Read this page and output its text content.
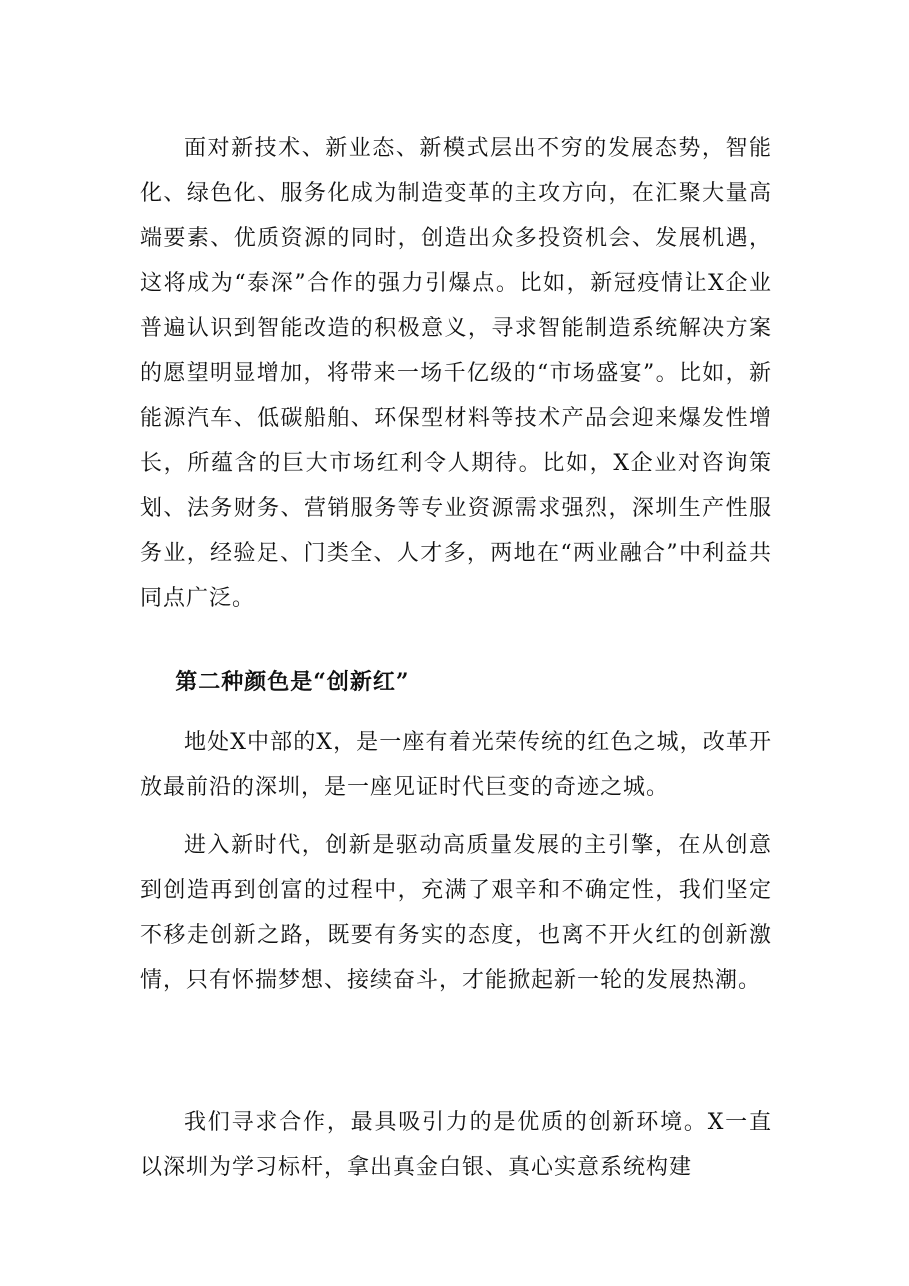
面对新技术、新业态、新模式层出不穷的发展态势，智能化、绿色化、服务化成为制造变革的主攻方向，在汇聚大量高端要素、优质资源的同时，创造出众多投资机会、发展机遇，这将成为“泰深”合作的强力引爆点。比如，新冠疫情让X企业普遍认识到智能改造的积极意义，寻求智能制造系统解决方案的愿望明显增加，将带来一场千亿级的“市场盛宴”。比如，新能源汽车、低碳船舶、环保型材料等技术产品会迎来爆发性增长，所蕴含的巨大市场红利令人期待。比如，X企业对咨询策划、法务财务、营销服务等专业资源需求强烈，深圳生产性服务业，经验足、门类全、人才多，两地在“两业融合”中利益共同点广泛。

第二种颜色是“创新红”

地处X中部的X，是一座有着光荣传统的红色之城，改革开放最前沿的深圳，是一座见证时代巨变的奇迹之城。

进入新时代，创新是驱动高质量发展的主引擎，在从创意到创造再到创富的过程中，充满了艰辛和不确定性，我们坚定不移走创新之路，既要有务实的态度，也离不开火红的创新激情，只有怀揣梦想、接续奋斗，才能掀起新一轮的发展热潮。

我们寻求合作，最具吸引力的是优质的创新环境。X一直以深圳为学习标杆，拿出真金白银、真心实意系统构建
